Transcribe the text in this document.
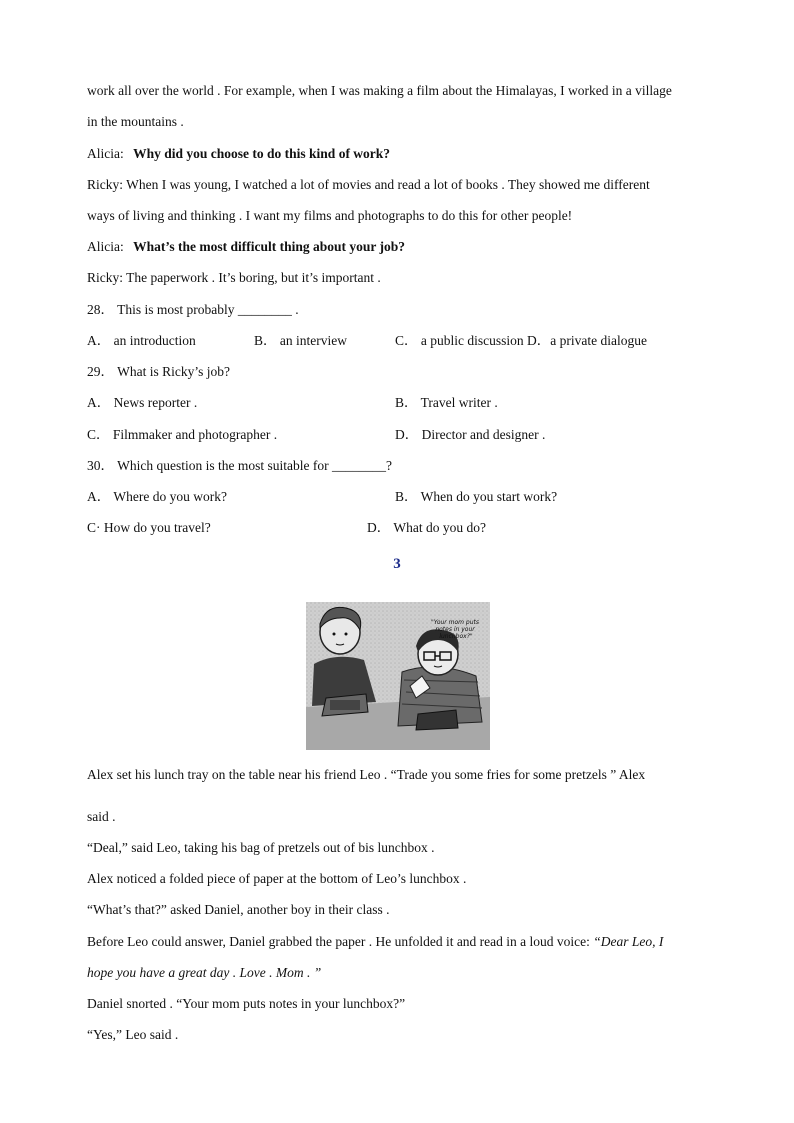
work all over the world . For example, when I was making a film about the Himalayas, I worked in a village
in the mountains .
Alicia: Why did you choose to do this kind of work?
Ricky: When I was young, I watched a lot of movies and read a lot of books . They showed me different
ways of living and thinking . I want my films and photographs to do this for other people!
Alicia: What’s the most difficult thing about your job?
Ricky: The paperwork . It’s boring, but it’s important .
28． This is most probably ________ .
A． an introduction	B． an interview	C． a public discussion D．a private dialogue
29． What is Ricky’s job?
A． News reporter .	B． Travel writer .
C． Filmmaker and photographer .	D． Director and designer .
30． Which question is the most suitable for ________?
A． Where do you work?	B． When do you start work?
C· How do you travel?	D． What do you do?
3
"Your mom puts notes in your lunchbox?"
Alex set his lunch tray on the table near his friend Leo . “Trade you some fries for some pretzels ” Alex
said .
“Deal,” said Leo, taking his bag of pretzels out of bis lunchbox .
Alex noticed a folded piece of paper at the bottom of Leo’s lunchbox .
“What’s that?” asked Daniel, another boy in their class .
Before Leo could answer, Daniel grabbed the paper . He unfolded it and read in a loud voice: “Dear Leo, I
hope you have a great day . Love . Mom . ”
Daniel snorted . “Your mom puts notes in your lunchbox?”
“Yes,” Leo said .
